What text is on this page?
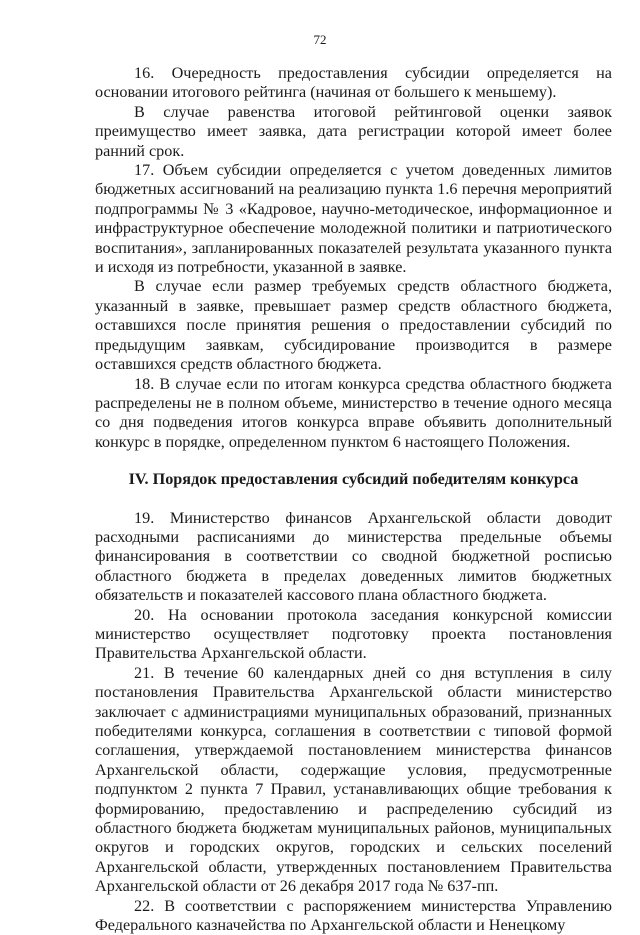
72

16. Очередность предоставления субсидии определяется на основании итогового рейтинга (начиная от большего к меньшему).

В случае равенства итоговой рейтинговой оценки заявок преимущество имеет заявка, дата регистрации которой имеет более ранний срок.

17. Объем субсидии определяется с учетом доведенных лимитов бюджетных ассигнований на реализацию пункта 1.6 перечня мероприятий подпрограммы № 3 «Кадровое, научно-методическое, информационное и инфраструктурное обеспечение молодежной политики и патриотического воспитания», запланированных показателей результата указанного пункта и исходя из потребности, указанной в заявке.

В случае если размер требуемых средств областного бюджета, указанный в заявке, превышает размер средств областного бюджета, оставшихся после принятия решения о предоставлении субсидий по предыдущим заявкам, субсидирование производится в размере оставшихся средств областного бюджета.

18. В случае если по итогам конкурса средства областного бюджета распределены не в полном объеме, министерство в течение одного месяца со дня подведения итогов конкурса вправе объявить дополнительный конкурс в порядке, определенном пунктом 6 настоящего Положения.

IV. Порядок предоставления субсидий победителям конкурса

19. Министерство финансов Архангельской области доводит расходными расписаниями до министерства предельные объемы финансирования в соответствии со сводной бюджетной росписью областного бюджета в пределах доведенных лимитов бюджетных обязательств и показателей кассового плана областного бюджета.

20. На основании протокола заседания конкурсной комиссии министерство осуществляет подготовку проекта постановления Правительства Архангельской области.

21. В течение 60 календарных дней со дня вступления в силу постановления Правительства Архангельской области министерство заключает с администрациями муниципальных образований, признанных победителями конкурса, соглашения в соответствии с типовой формой соглашения, утверждаемой постановлением министерства финансов Архангельской области, содержащие условия, предусмотренные подпунктом 2 пункта 7 Правил, устанавливающих общие требования к формированию, предоставлению и распределению субсидий из областного бюджета бюджетам муниципальных районов, муниципальных округов и городских округов, городских и сельских поселений Архангельской области, утвержденных постановлением Правительства Архангельской области от 26 декабря 2017 года № 637-пп.

22. В соответствии с распоряжением министерства Управлению Федерального казначейства по Архангельской области и Ненецкому
